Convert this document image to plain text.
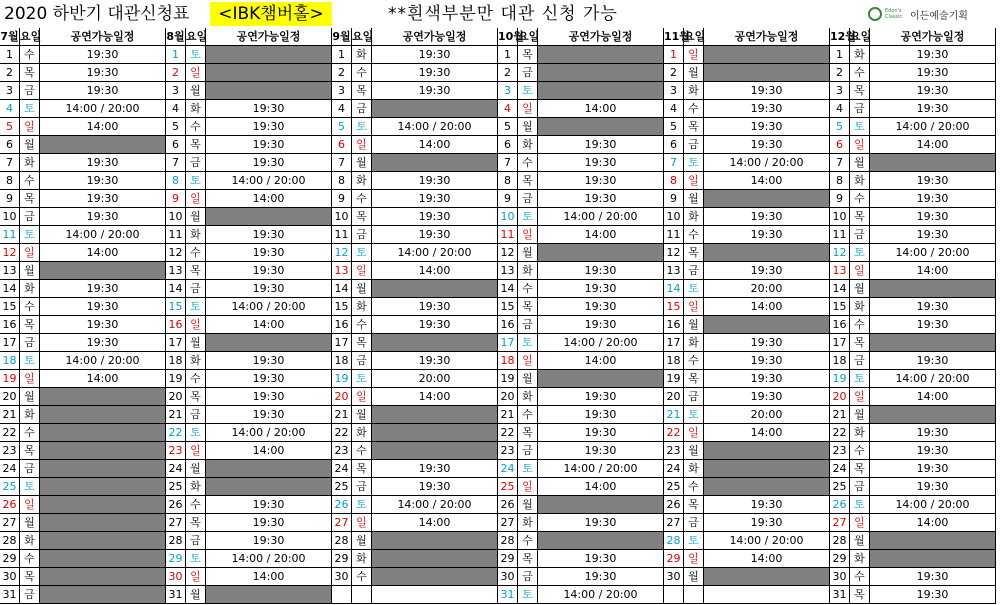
2020 하반기 대관신청표	<IBK챔버홀>	**흰색부분만 대관 신청 가능	Edon's Classic 이든예술기획
7월 요일	공연가능일정
1	수	19:30
2	목	19:30
3	금	19:30
4	토	14:00 / 20:00
5	일	14:00
6	월
7	화	19:30
8	수	19:30
9	목	19:30
10 금	19:30
11 토	14:00 / 20:00
12 일	14:00
13 월
14 화	19:30
15 수	19:30
16 목	19:30
17 금	19:30
18 토	14:00 / 20:00
19 일	14:00
20 월
21 화
22 수
23 목
24 금
25 토
26 일
27 월
28 화
29 수
30 목
31 금
8월 요일	공연가능일정
1	토
2	일
3	월
4	화	19:30
5	수	19:30
6	목	19:30
7	금	19:30
8	토	14:00 / 20:00
9	일	14:00
10 월
11 화	19:30
12 수	19:30
13 목	19:30
14 금	19:30
15 토	14:00 / 20:00
16 일	14:00
17 월
18 화	19:30
19 수	19:30
20 목	19:30
21 금	19:30
22 토	14:00 / 20:00
23 일	14:00
24 월
25 화
26 수	19:30
27 목	19:30
28 금	19:30
29 토	14:00 / 20:00
30 일	14:00
31 월
9월 요일	공연가능일정
1	화	19:30
2	수	19:30
3	목	19:30
4	금
5	토	14:00 / 20:00
6	일	14:00
7	월
8	화	19:30
9	수	19:30
10 목	19:30
11 금	19:30
12 토	14:00 / 20:00
13 일	14:00
14 월
15 화	19:30
16 수	19:30
17 목
18 금	19:30
19 토	20:00
20 일	14:00
21 월
22 화
23 수
24 목	19:30
25 금	19:30
26 토	14:00 / 20:00
27 일	14:00
28 월
29 화
30 수
10월
요일	공연가능일정
1	목
2	금
3	토
4	일	14:00
5	월
6	화	19:30
7	수	19:30
8	목	19:30
9	금	19:30
10 토	14:00 / 20:00
11 일	14:00
12 월
13 화	19:30
14 수	19:30
15 목	19:30
16 금	19:30
17 토	14:00 / 20:00
18 일	14:00
19 월
20 화	19:30
21 수	19:30
22 목	19:30
23 금	19:30
24 토	14:00 / 20:00
25 일	14:00
26 월
27 화	19:30
28 수
29 목	19:30
30 금	19:30
31 토	14:00 / 20:00
11월
요일	공연가능일정
1	일
2	월
3	화	19:30
4	수	19:30
5	목	19:30
6	금	19:30
7	토	14:00 / 20:00
8	일	14:00
9	월
10 화	19:30
11 수	19:30
12 목
13 금	19:30
14 토	20:00
15 일	14:00
16 월
17 화	19:30
18 수	19:30
19 목	19:30
20 금	19:30
21 토	20:00
22 일	14:00
23 월
24 화
25 수
26 목	19:30
27 금	19:30
28 토	14:00 / 20:00
29 일	14:00
30 월
12월
요일	공연가능일정
1	화	19:30
2	수	19:30
3	목	19:30
4	금	19:30
5	토	14:00 / 20:00
6	일	14:00
7	월
8	화	19:30
9	수	19:30
10 목	19:30
11 금	19:30
12 토	14:00 / 20:00
13 일	14:00
14 월
15 화	19:30
16 수	19:30
17 목
18 금	19:30
19 토	14:00 / 20:00
20 일	14:00
21 월
22 화	19:30
23 수	19:30
24 목	19:30
25 금	19:30
26 토	14:00 / 20:00
27 일	14:00
28 월
29 화
30 수	19:30
31 목	19:30
